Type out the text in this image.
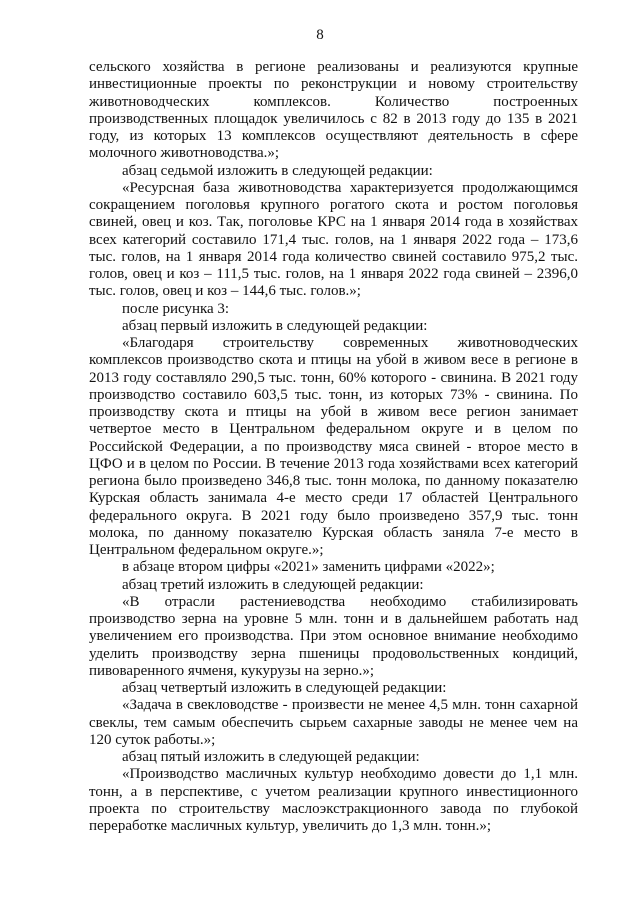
8

сельского хозяйства в регионе реализованы и реализуются крупные инвестиционные проекты по реконструкции и новому строительству животноводческих комплексов. Количество построенных производственных площадок увеличилось с 82 в 2013 году до 135 в 2021 году, из которых 13 комплексов осуществляют деятельность в сфере молочного животноводства.»;

абзац седьмой изложить в следующей редакции:

«Ресурсная база животноводства характеризуется продолжающимся сокращением поголовья крупного рогатого скота и ростом поголовья свиней, овец и коз. Так, поголовье КРС на 1 января 2014 года в хозяйствах всех категорий составило 171,4 тыс. голов, на 1 января 2022 года – 173,6 тыс. голов, на 1 января 2014 года количество свиней составило 975,2 тыс. голов, овец и коз – 111,5 тыс. голов, на 1 января 2022 года свиней – 2396,0 тыс. голов, овец и коз – 144,6 тыс. голов.»;

после рисунка 3:

абзац первый изложить в следующей редакции:

«Благодаря строительству современных животноводческих комплексов производство скота и птицы на убой в живом весе в регионе в 2013 году составляло 290,5 тыс. тонн, 60% которого - свинина. В 2021 году производство составило 603,5 тыс. тонн, из которых 73% - свинина. По производству скота и птицы на убой в живом весе регион занимает четвертое место в Центральном федеральном округе и в целом по Российской Федерации, а по производству мяса свиней - второе место в ЦФО и в целом по России. В течение 2013 года хозяйствами всех категорий региона было произведено 346,8 тыс. тонн молока, по данному показателю Курская область занимала 4-е место среди 17 областей Центрального федерального округа. В 2021 году было произведено 357,9 тыс. тонн молока, по данному показателю Курская область заняла 7-е место в Центральном федеральном округе.»;

в абзаце втором цифры «2021» заменить цифрами «2022»;

абзац третий изложить в следующей редакции:

«В отрасли растениеводства необходимо стабилизировать производство зерна на уровне 5 млн. тонн и в дальнейшем работать над увеличением его производства. При этом основное внимание необходимо уделить производству зерна пшеницы продовольственных кондиций, пивоваренного ячменя, кукурузы на зерно.»;

абзац четвертый изложить в следующей редакции:

«Задача в свекловодстве - произвести не менее 4,5 млн. тонн сахарной свеклы, тем самым обеспечить сырьем сахарные заводы не менее чем на 120 суток работы.»;

абзац пятый изложить в следующей редакции:

«Производство масличных культур необходимо довести до 1,1 млн. тонн, а в перспективе, с учетом реализации крупного инвестиционного проекта по строительству маслоэкстракционного завода по глубокой переработке масличных культур, увеличить до 1,3 млн. тонн.»;
